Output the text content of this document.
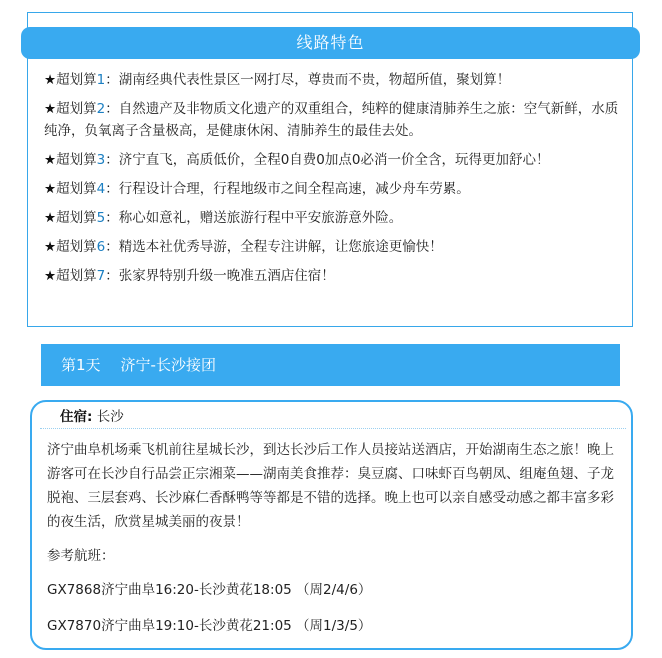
线路特色
★超划算1：湖南经典代表性景区一网打尽，尊贵而不贵，物超所值，聚划算！
★超划算2：自然遗产及非物质文化遗产的双重组合，纯粹的健康清肺养生之旅：空气新鲜，水质纯净，负氧离子含量极高，是健康休闲、清肺养生的最佳去处。
★超划算3：济宁直飞，高质低价，全程0自费0加点0必消一价全含，玩得更加舒心！
★超划算4：行程设计合理，行程地级市之间全程高速，减少舟车劳累。
★超划算5：称心如意礼，赠送旅游行程中平安旅游意外险。
★超划算6：精选本社优秀导游，全程专注讲解，让您旅途更愉快！
★超划算7：张家界特别升级一晚准五酒店住宿！
第1天 济宁-长沙接团
住宿: 长沙

济宁曲阜机场乘飞机前往星城长沙，到达长沙后工作人员接站送酒店，开始湖南生态之旅！晚上游客可在长沙自行品尝正宗湘菜——湖南美食推荐：臭豆腐、口味虾百鸟朝凤、组庵鱼翅、子龙脱袍、三层套鸡、长沙麻仁香酥鸭等等都是不错的选择。晚上也可以亲自感受动感之都丰富多彩的夜生活，欣赏星城美丽的夜景！

参考航班：
GX7868济宁曲阜16:20-长沙黄花18:05 （周2/4/6）
GX7870济宁曲阜19:10-长沙黄花21:05 （周1/3/5）
